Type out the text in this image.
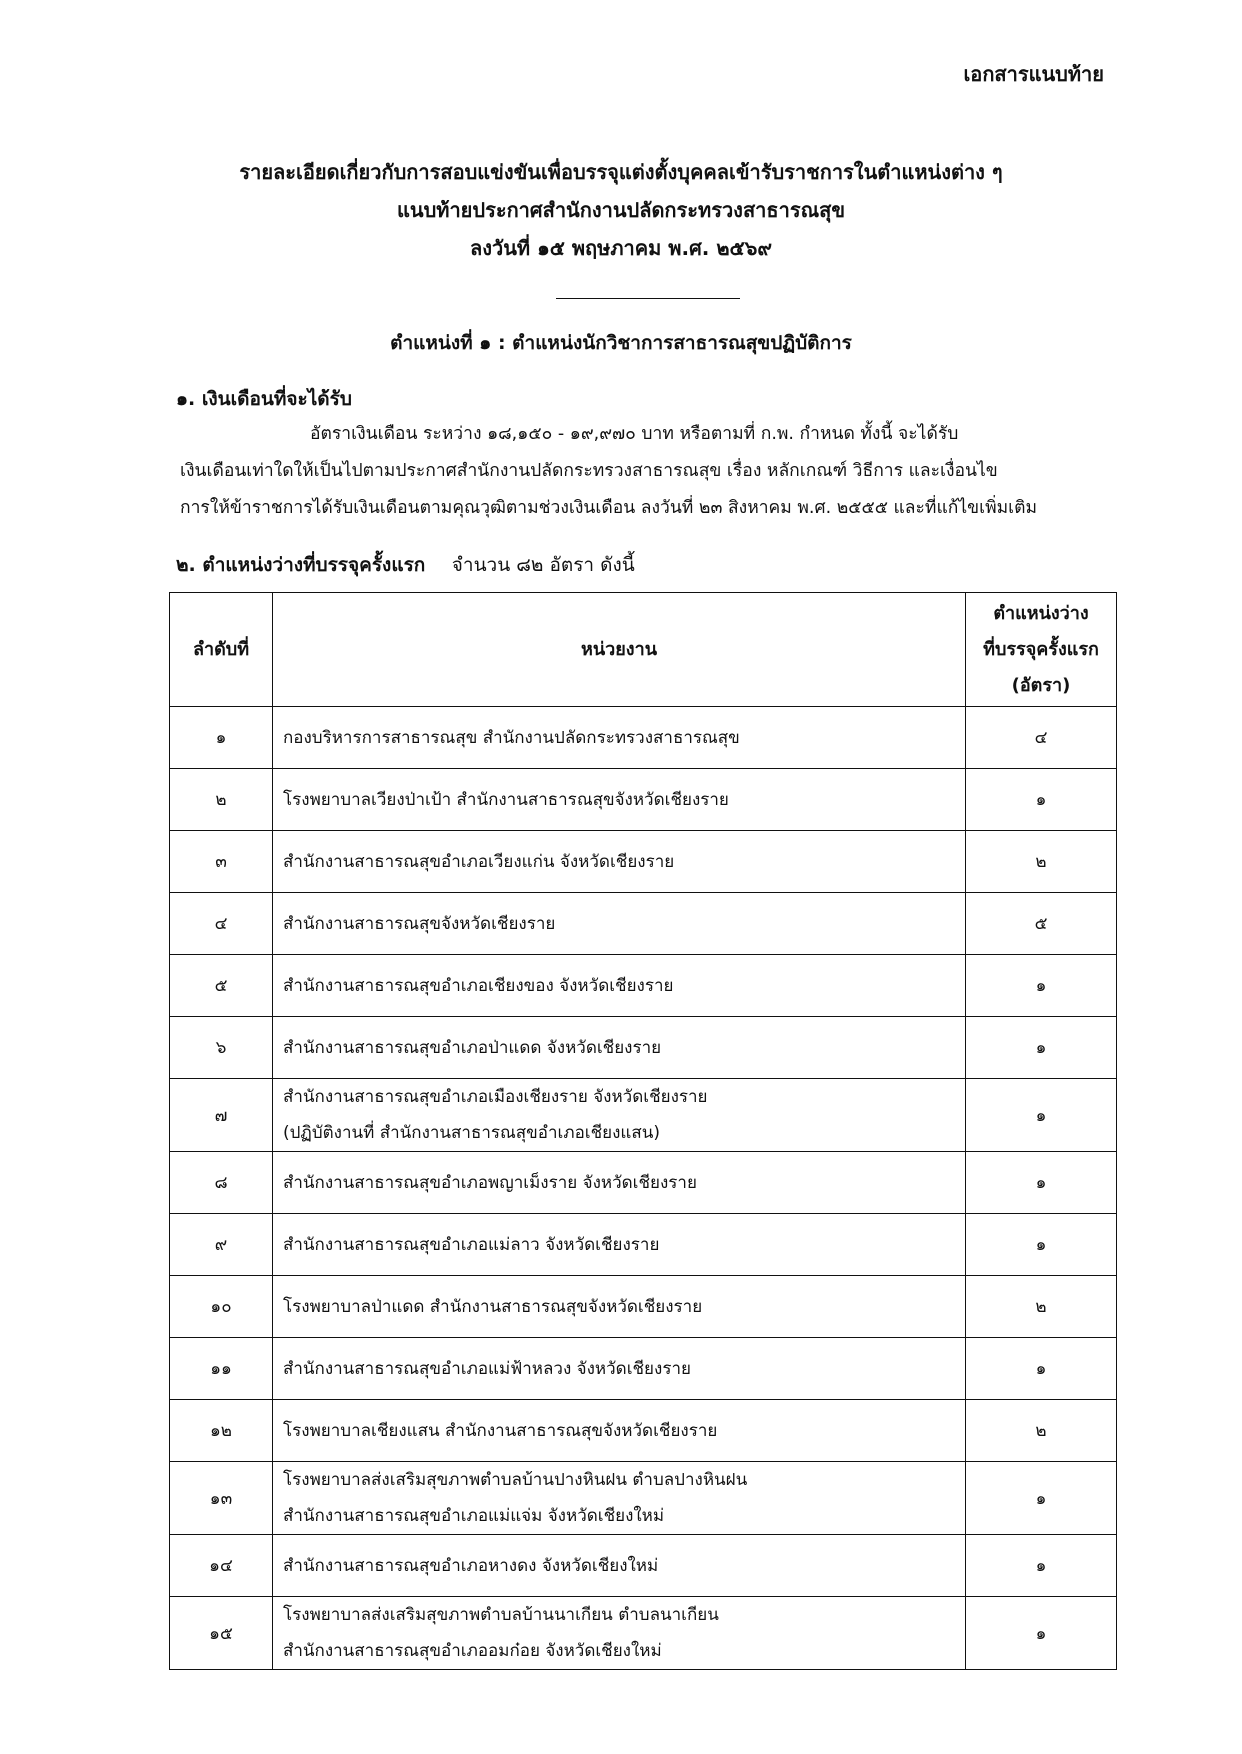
เอกสารแนบท้าย
รายละเอียดเกี่ยวกับการสอบแข่งขันเพื่อบรรจุแต่งตั้งบุคคลเข้ารับราชการในตำแหน่งต่าง ๆ
แนบท้ายประกาศสำนักงานปลัดกระทรวงสาธารณสุข
ลงวันที่ ๑๕ พฤษภาคม พ.ศ. ๒๕๖๙
ตำแหน่งที่ ๑ : ตำแหน่งนักวิชาการสาธารณสุขปฏิบัติการ
๑. เงินเดือนที่จะได้รับ
อัตราเงินเดือน ระหว่าง ๑๘,๑๕๐ - ๑๙,๙๗๐ บาท หรือตามที่ ก.พ. กำหนด ทั้งนี้ จะได้รับ
เงินเดือนเท่าใดให้เป็นไปตามประกาศสำนักงานปลัดกระทรวงสาธารณสุข เรื่อง หลักเกณฑ์ วิธีการ และเงื่อนไข
การให้ข้าราชการได้รับเงินเดือนตามคุณวุฒิตามช่วงเงินเดือน ลงวันที่ ๒๓ สิงหาคม พ.ศ. ๒๕๕๕ และที่แก้ไขเพิ่มเติม
๒. ตำแหน่งว่างที่บรรจุครั้งแรก จำนวน ๘๒ อัตรา ดังนี้
ลำดับที่	หน่วยงาน	ตำแหน่งว่าง
ที่บรรจุครั้งแรก
(อัตรา)

๑	กองบริหารการสาธารณสุข สำนักงานปลัดกระทรวงสาธารณสุข	๔
๒	โรงพยาบาลเวียงป่าเป้า สำนักงานสาธารณสุขจังหวัดเชียงราย	๑
๓	สำนักงานสาธารณสุขอำเภอเวียงแก่น จังหวัดเชียงราย	๒
๔	สำนักงานสาธารณสุขจังหวัดเชียงราย	๕
๕	สำนักงานสาธารณสุขอำเภอเชียงของ จังหวัดเชียงราย	๑
๖	สำนักงานสาธารณสุขอำเภอป่าแดด จังหวัดเชียงราย	๑
๗	สำนักงานสาธารณสุขอำเภอเมืองเชียงราย จังหวัดเชียงราย
(ปฏิบัติงานที่ สำนักงานสาธารณสุขอำเภอเชียงแสน)	๑
๘	สำนักงานสาธารณสุขอำเภอพญาเม็งราย จังหวัดเชียงราย	๑
๙	สำนักงานสาธารณสุขอำเภอแม่ลาว จังหวัดเชียงราย	๑
๑๐	โรงพยาบาลป่าแดด สำนักงานสาธารณสุขจังหวัดเชียงราย	๒
๑๑	สำนักงานสาธารณสุขอำเภอแม่ฟ้าหลวง จังหวัดเชียงราย	๑
๑๒	โรงพยาบาลเชียงแสน สำนักงานสาธารณสุขจังหวัดเชียงราย	๒
๑๓	โรงพยาบาลส่งเสริมสุขภาพตำบลบ้านปางหินฝน ตำบลปางหินฝน
สำนักงานสาธารณสุขอำเภอแม่แจ่ม จังหวัดเชียงใหม่	๑
๑๔	สำนักงานสาธารณสุขอำเภอหางดง จังหวัดเชียงใหม่	๑
๑๕	โรงพยาบาลส่งเสริมสุขภาพตำบลบ้านนาเกียน ตำบลนาเกียน
สำนักงานสาธารณสุขอำเภออมก๋อย จังหวัดเชียงใหม่	๑
